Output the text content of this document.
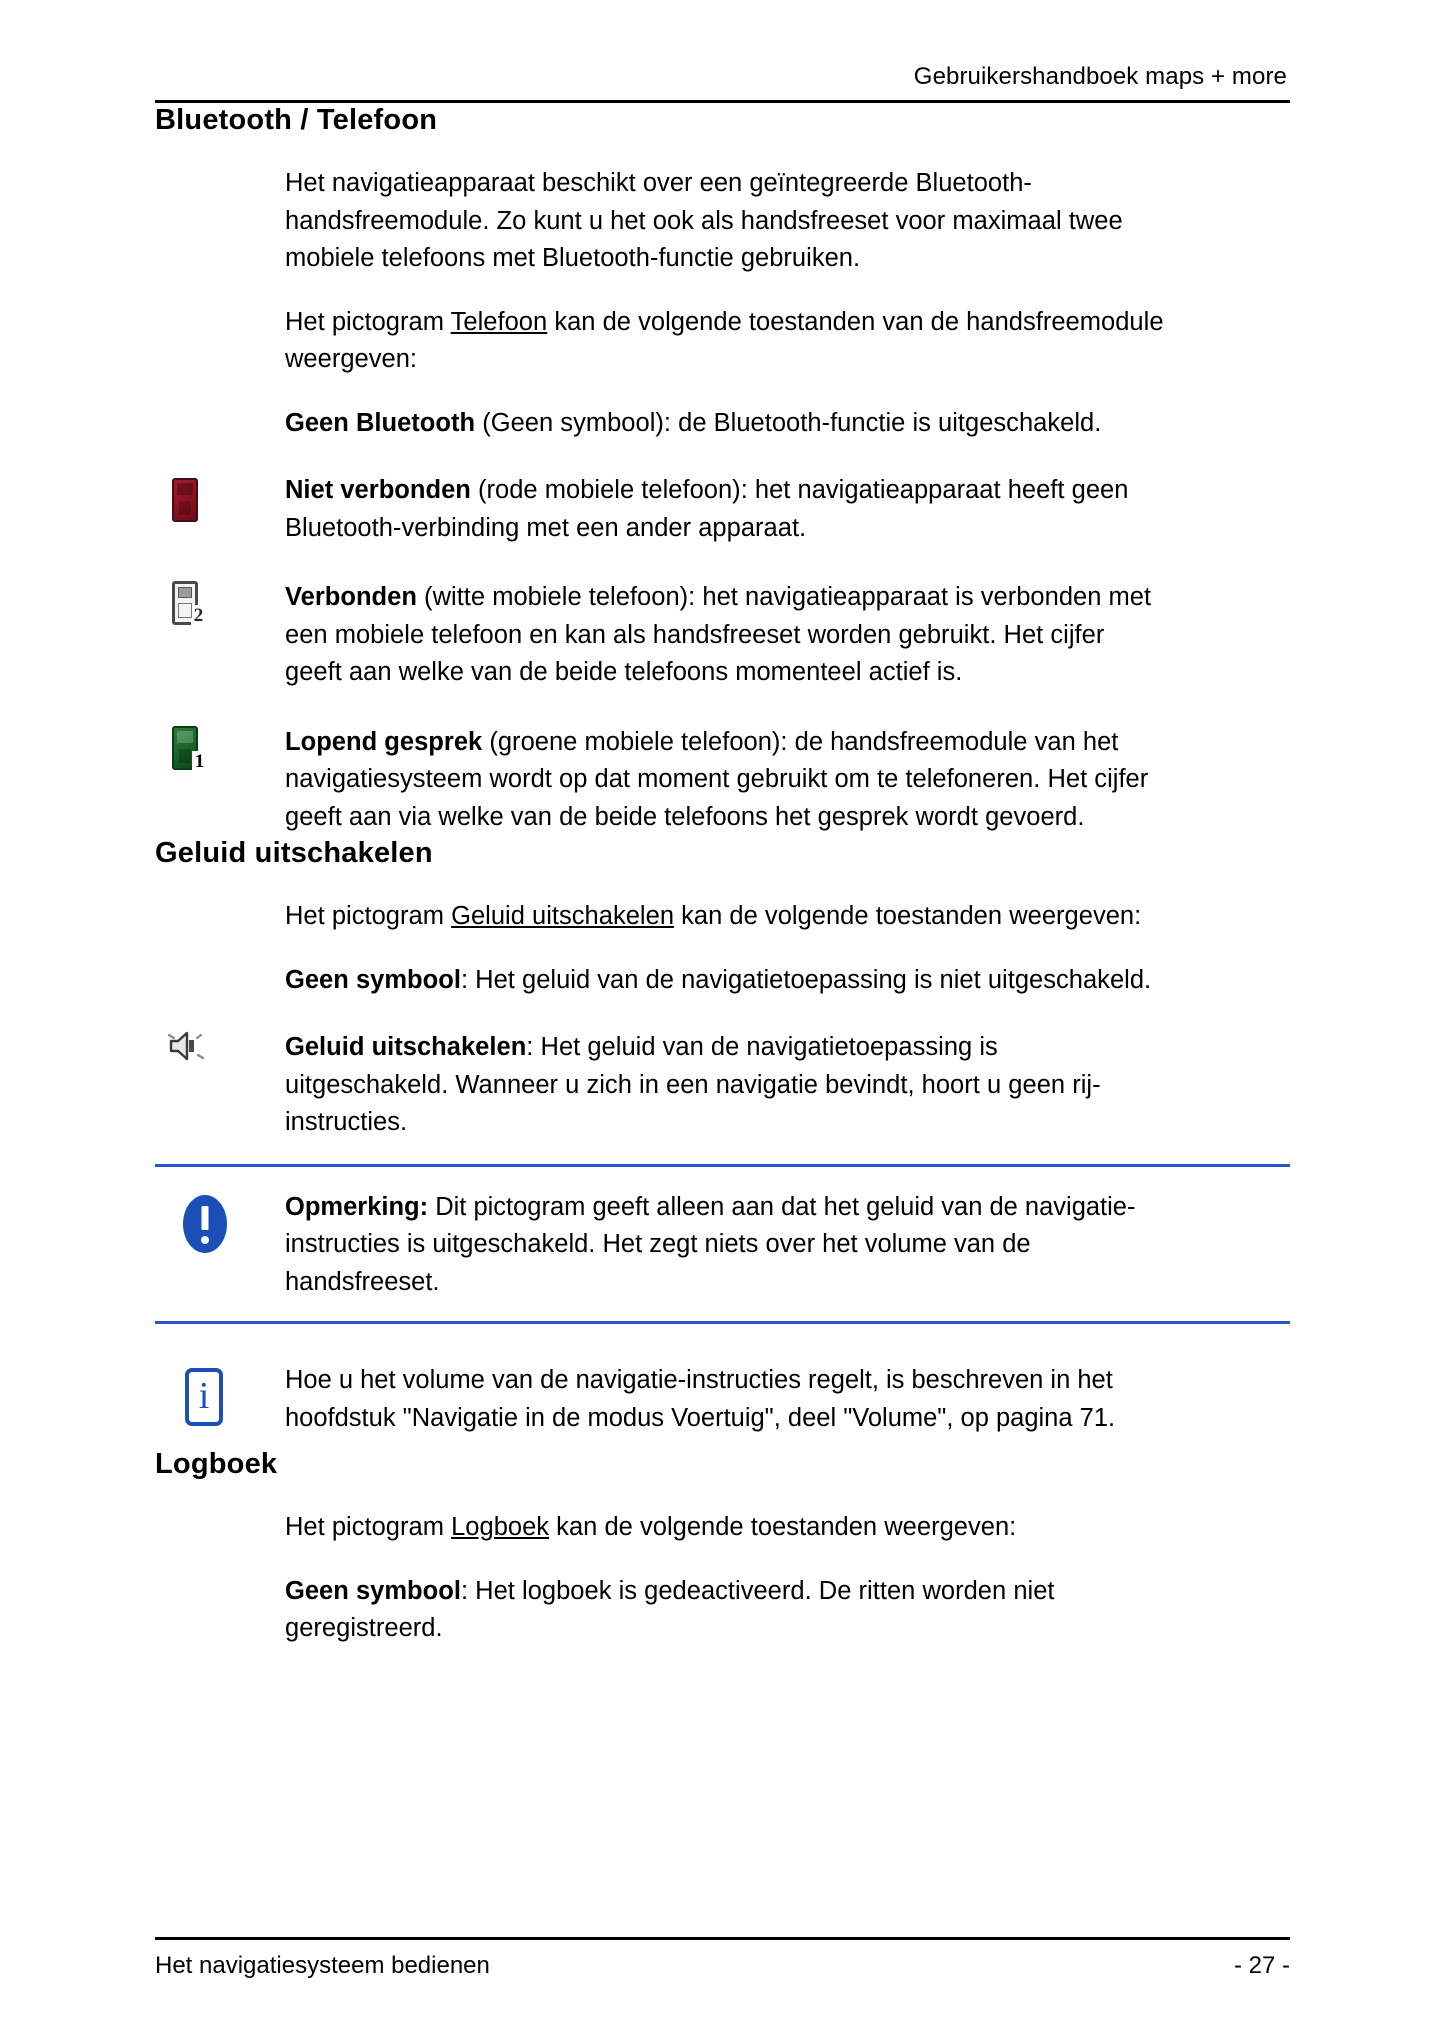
Gebruikershandboek maps + more
Bluetooth / Telefoon
Het navigatieapparaat beschikt over een geïntegreerde Bluetooth-handsfreemodule. Zo kunt u het ook als handsfreeset voor maximaal twee mobiele telefoons met Bluetooth-functie gebruiken.
Het pictogram Telefoon kan de volgende toestanden van de handsfreemodule weergeven:
Geen Bluetooth (Geen symbool): de Bluetooth-functie is uitgeschakeld.
Niet verbonden (rode mobiele telefoon): het navigatieapparaat heeft geen Bluetooth-verbinding met een ander apparaat.
2
Verbonden (witte mobiele telefoon): het navigatieapparaat is verbonden met een mobiele telefoon en kan als handsfreeset worden gebruikt. Het cijfer geeft aan welke van de beide telefoons momenteel actief is.
1
Lopend gesprek (groene mobiele telefoon): de handsfreemodule van het navigatiesysteem wordt op dat moment gebruikt om te telefoneren. Het cijfer geeft aan via welke van de beide telefoons het gesprek wordt gevoerd.
Geluid uitschakelen
Het pictogram Geluid uitschakelen kan de volgende toestanden weergeven:
Geen symbool: Het geluid van de navigatietoepassing is niet uitgeschakeld.
Geluid uitschakelen: Het geluid van de navigatietoepassing is uitgeschakeld. Wanneer u zich in een navigatie bevindt, hoort u geen rij-instructies.
Opmerking: Dit pictogram geeft alleen aan dat het geluid van de navigatie-instructies is uitgeschakeld. Het zegt niets over het volume van de handsfreeset.
i	Hoe u het volume van de navigatie-instructies regelt, is beschreven in het hoofdstuk "Navigatie in de modus Voertuig", deel "Volume", op pagina 71.
Logboek
Het pictogram Logboek kan de volgende toestanden weergeven:
Geen symbool: Het logboek is gedeactiveerd. De ritten worden niet geregistreerd.
Het navigatiesysteem bedienen	- 27 -
